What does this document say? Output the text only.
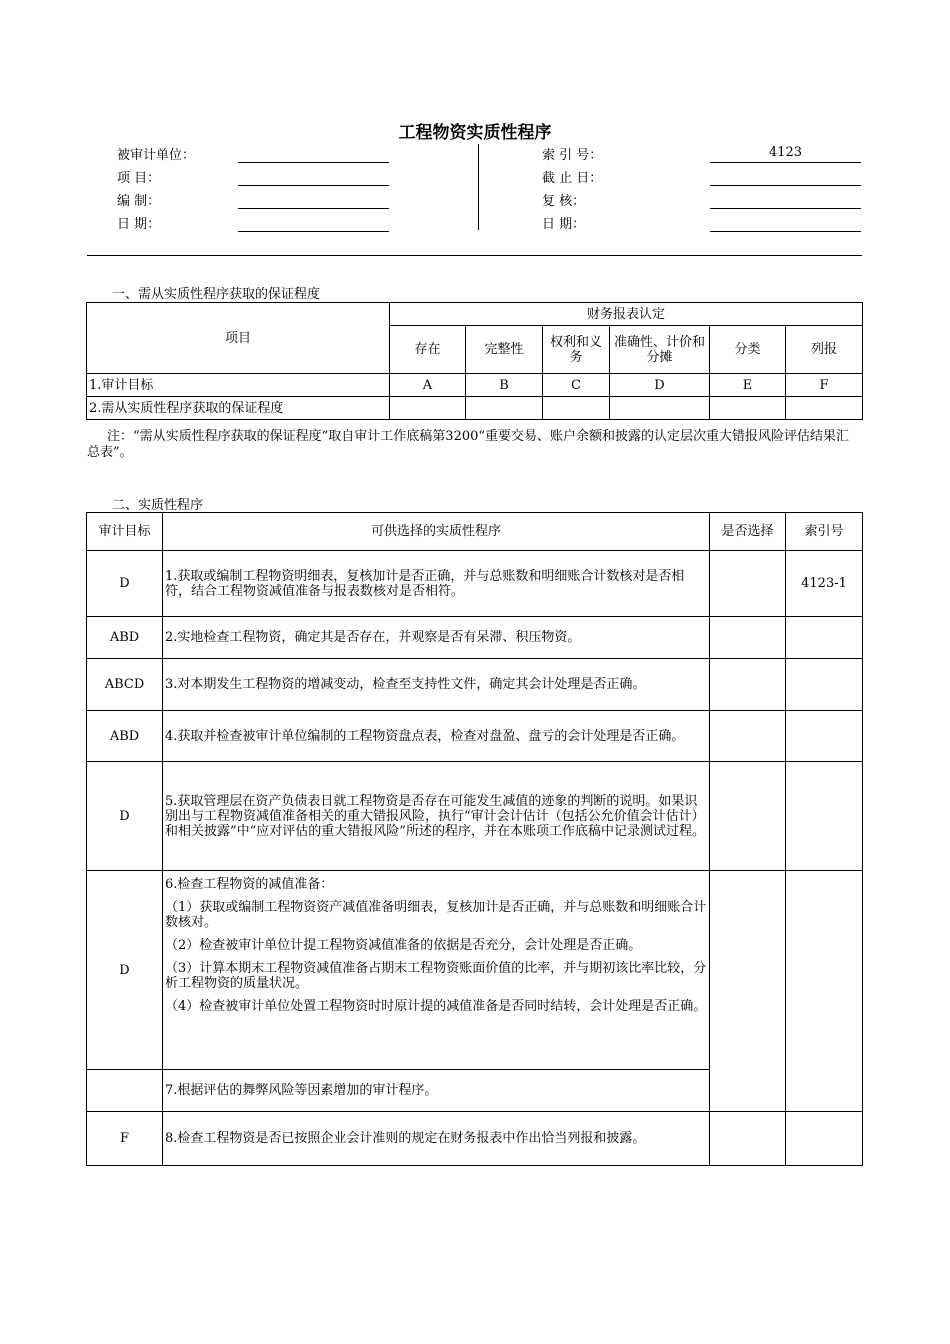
工程物资实质性程序
被审计单位：
项 目：
编 制：
日 期：
索 引 号：
截 止 日：
复 核：
日 期：
4123
一、需从实质性程序获取的保证程度
项目	财务报表认定					
	存在	完整性	权利和义务	准确性、计价和分摊	分类	列报
1.审计目标	A	B	C	D	E	F
2.需从实质性程序获取的保证程度						
注：“需从实质性程序获取的保证程度”取自审计工作底稿第3200“重要交易、账户余额和披露的认定层次重大错报风险评估结果汇总表”。
二、实质性程序
审计目标	可供选择的实质性程序	是否选择	索引号
D	1.获取或编制工程物资明细表，复核加计是否正确，并与总账数和明细账合计数核对是否相符，结合工程物资减值准备与报表数核对是否相符。		4123-1
ABD	2.实地检查工程物资，确定其是否存在，并观察是否有呆滞、积压物资。		
ABCD	3.对本期发生工程物资的增减变动，检查至支持性文件，确定其会计处理是否正确。		
ABD	4.获取并检查被审计单位编制的工程物资盘点表，检查对盘盈、盘亏的会计处理是否正确。		
D	5.获取管理层在资产负债表日就工程物资是否存在可能发生减值的迹象的判断的说明。如果识别出与工程物资减值准备相关的重大错报风险，执行“审计会计估计（包括公允价值会计估计）和相关披露”中“应对评估的重大错报风险”所述的程序，并在本账项工作底稿中记录测试过程。		
D	6.检查工程物资的减值准备：

（1）获取或编制工程物资资产减值准备明细表，复核加计是否正确，并与总账数和明细账合计数核对。

（2）检查被审计单位计提工程物资减值准备的依据是否充分，会计处理是否正确。

（3）计算本期末工程物资减值准备占期末工程物资账面价值的比率，并与期初该比率比较，分析工程物资的质量状况。

（4）检查被审计单位处置工程物资时时原计提的减值准备是否同时结转，会计处理是否正确。		

	7.根据评估的舞弊风险等因素增加的审计程序。		
F	8.检查工程物资是否已按照企业会计准则的规定在财务报表中作出恰当列报和披露。		
